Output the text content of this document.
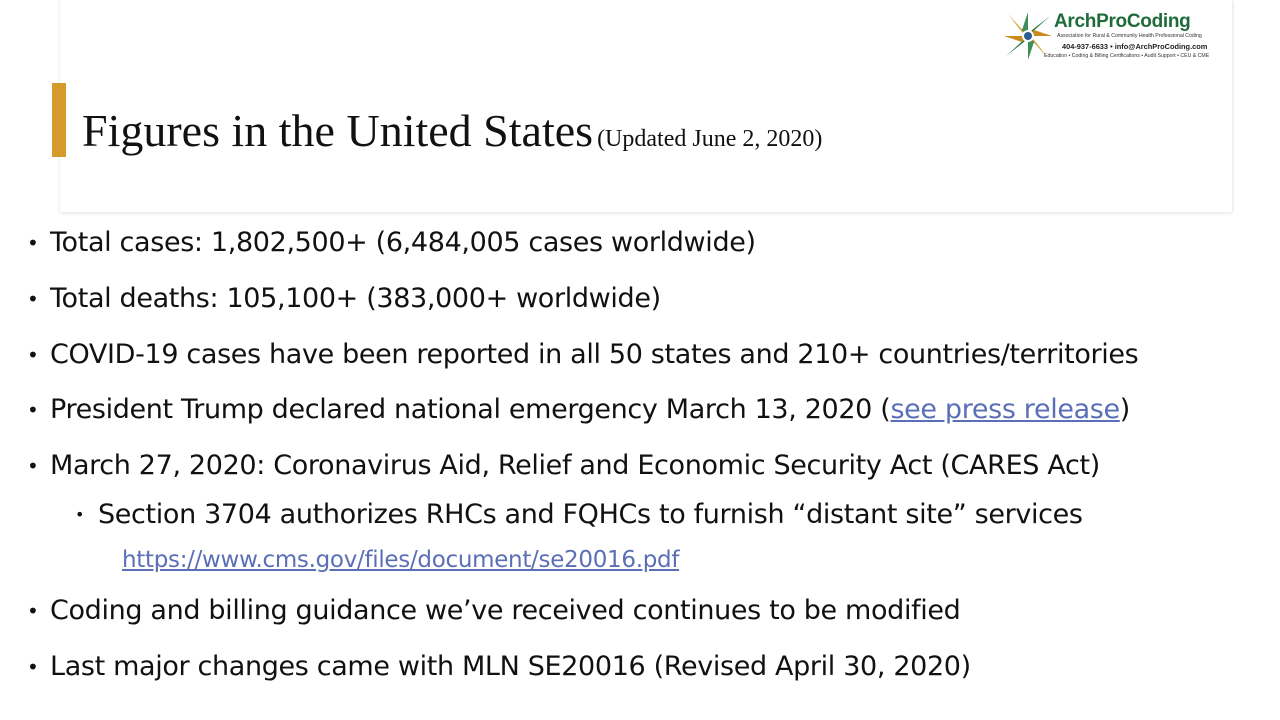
Figures in the United States (Updated June 2, 2020)
ArchProCoding
Association for Rural & Community Health Professional Coding
404-937-6633 • info@ArchProCoding.com
Education • Coding & Billing Certifications • Audit Support • CEU & CME
• Total cases: 1,802,500+ (6,484,005 cases worldwide)
• Total deaths: 105,100+ (383,000+ worldwide)
• COVID-19 cases have been reported in all 50 states and 210+ countries/territories
• President Trump declared national emergency March 13, 2020 (see press release)
• March 27, 2020: Coronavirus Aid, Relief and Economic Security Act (CARES Act)
• Section 3704 authorizes RHCs and FQHCs to furnish “distant site” services
https://www.cms.gov/files/document/se20016.pdf
• Coding and billing guidance we’ve received continues to be modified
• Last major changes came with MLN SE20016 (Revised April 30, 2020)
